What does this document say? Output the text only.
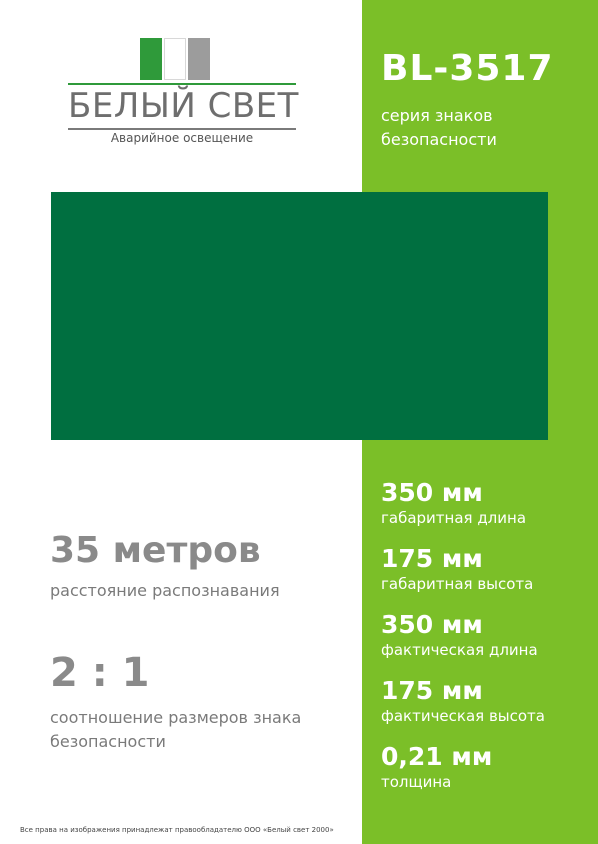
БЕЛЫЙ СВЕТ
Аварийное освещение
BL-3517
серия знаков безопасности
350 мм
габаритная длина
175 мм
габаритная высота
350 мм
фактическая длина
175 мм
фактическая высота
0,21 мм
толщина
35 метров
расстояние распознавания
2 : 1
соотношение размеров знака безопасности
Все права на изображения принадлежат правообладателю ООО «Белый свет 2000»
